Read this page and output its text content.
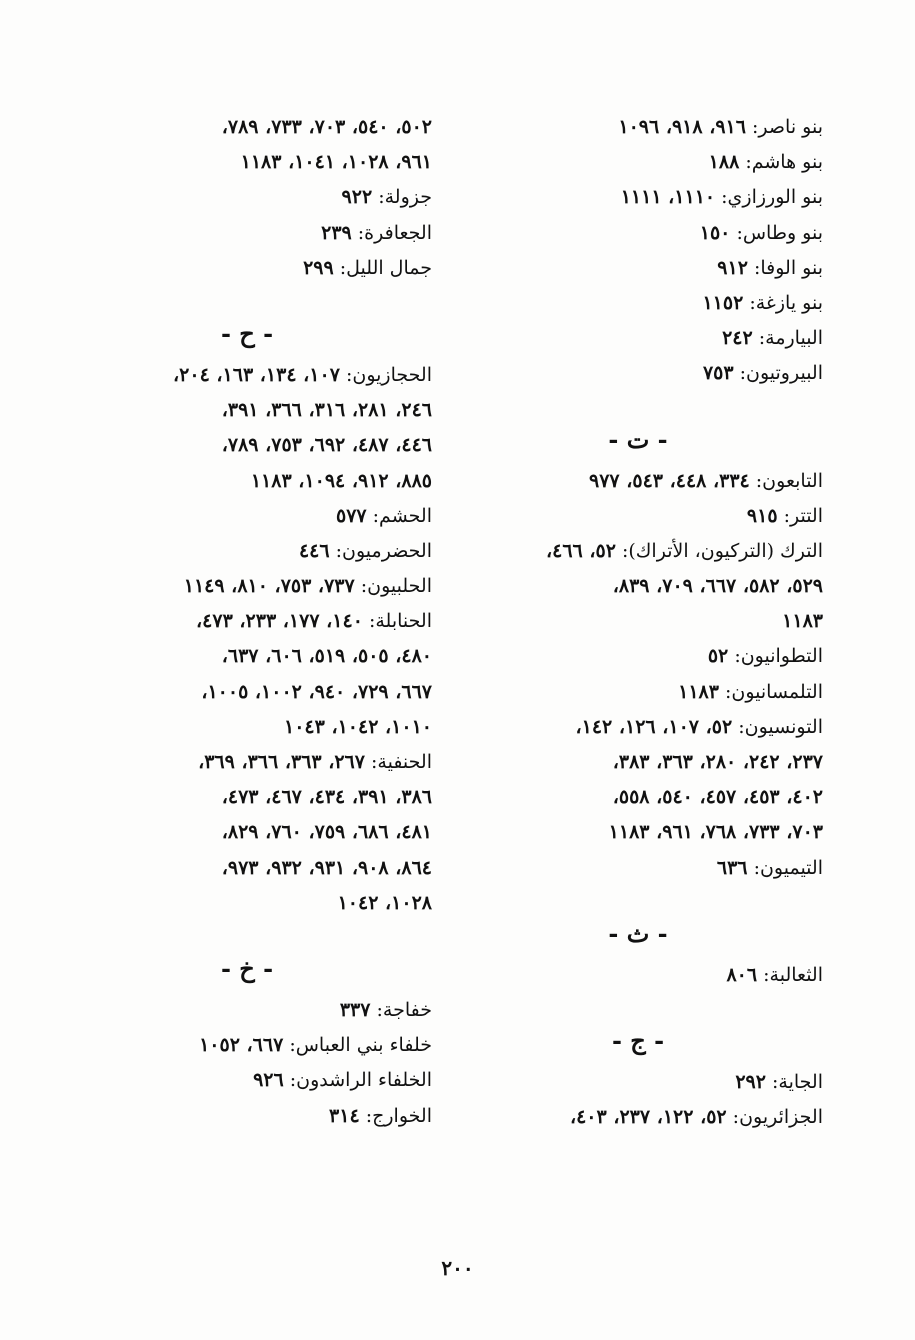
بنو ناصر: ٩١٦، ٩١٨، ١٠٩٦
بنو هاشم: ١٨٨
بنو الورزازي: ١١١٠، ١١١١
بنو وطاس: ١٥٠
بنو الوفا: ٩١٢
بنو يازغة: ١١٥٢
البيارمة: ٢٤٢
البيروتيون: ٧٥٣
- ت -
التابعون: ٣٣٤، ٤٤٨، ٥٤٣، ٩٧٧
التتر: ٩١٥
الترك (التركيون، الأتراك): ٥٢، ٤٦٦،
٥٢٩، ٥٨٢، ٦٦٧، ٧٠٩، ٨٣٩،
١١٨٣
التطوانيون: ٥٢
التلمسانيون: ١١٨٣
التونسيون: ٥٢، ١٠٧، ١٢٦، ١٤٢،
٢٣٧، ٢٤٢، ٢٨٠، ٣٦٣، ٣٨٣،
٤٠٢، ٤٥٣، ٤٥٧، ٥٤٠، ٥٥٨،
٧٠٣، ٧٣٣، ٧٦٨، ٩٦١، ١١٨٣
التيميون: ٦٣٦
- ث -
الثعالبة: ٨٠٦
- ج -
الجاية: ٢٩٢
الجزائريون: ٥٢، ١٢٢، ٢٣٧، ٤٠٣،
٥٠٢، ٥٤٠، ٧٠٣، ٧٣٣، ٧٨٩،
٩٦١، ١٠٢٨، ١٠٤١، ١١٨٣
جزولة: ٩٢٢
الجعافرة: ٢٣٩
جمال الليل: ٢٩٩
- ح -
الحجازيون: ١٠٧، ١٣٤، ١٦٣، ٢٠٤،
٢٤٦، ٢٨١، ٣١٦، ٣٦٦، ٣٩١،
٤٤٦، ٤٨٧، ٦٩٢، ٧٥٣، ٧٨٩،
٨٨٥، ٩١٢، ١٠٩٤، ١١٨٣
الحشم: ٥٧٧
الحضرميون: ٤٤٦
الحلبيون: ٧٣٧، ٧٥٣، ٨١٠، ١١٤٩
الحنابلة: ١٤٠، ١٧٧، ٢٣٣، ٤٧٣،
٤٨٠، ٥٠٥، ٥١٩، ٦٠٦، ٦٣٧،
٦٦٧، ٧٢٩، ٩٤٠، ١٠٠٢، ١٠٠٥،
١٠١٠، ١٠٤٢، ١٠٤٣
الحنفية: ٢٦٧، ٣٦٣، ٣٦٦، ٣٦٩،
٣٨٦، ٣٩١، ٤٣٤، ٤٦٧، ٤٧٣،
٤٨١، ٦٨٦، ٧٥٩، ٧٦٠، ٨٢٩،
٨٦٤، ٩٠٨، ٩٣١، ٩٣٢، ٩٧٣،
١٠٢٨، ١٠٤٢
- خ -
خفاجة: ٣٣٧
خلفاء بني العباس: ٦٦٧، ١٠٥٢
الخلفاء الراشدون: ٩٢٦
الخوارج: ٣١٤
٢٠٠
